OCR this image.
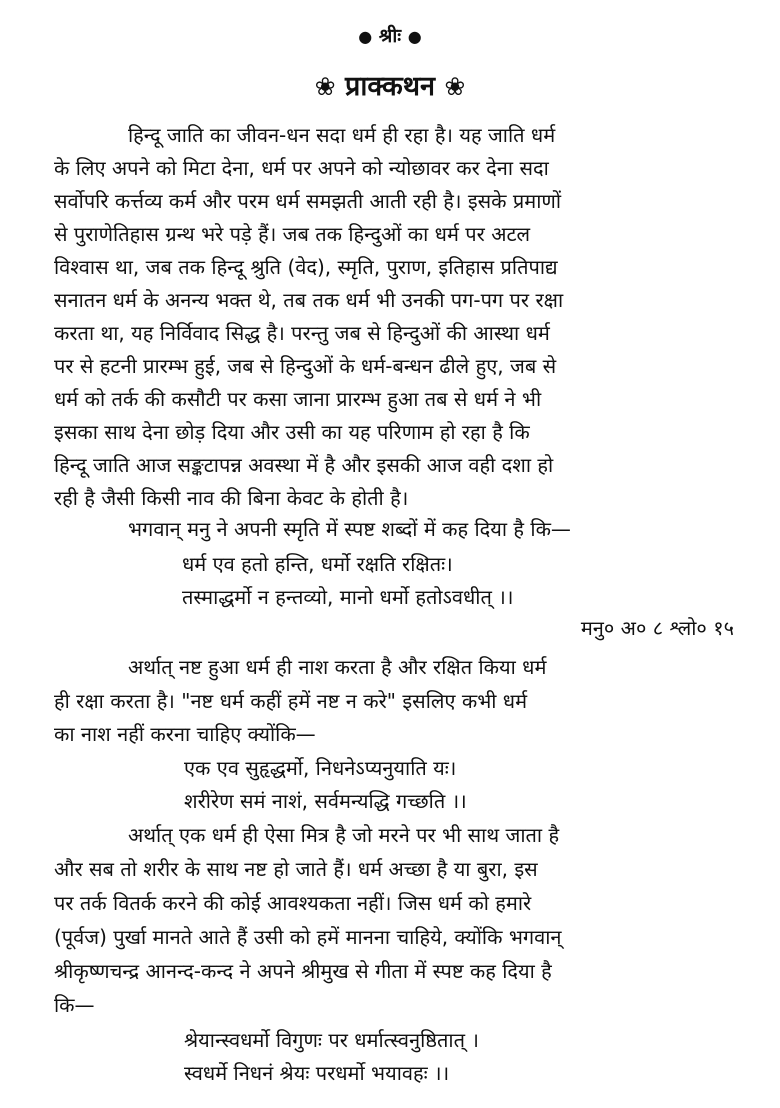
● श्रीः ●
❀ प्राक्कथन ❀
हिन्दू जाति का जीवन-धन सदा धर्म ही रहा है। यह जाति धर्म
के लिए अपने को मिटा देना, धर्म पर अपने को न्योछावर कर देना सदा
सर्वोपरि कर्त्तव्य कर्म और परम धर्म समझती आती रही है। इसके प्रमाणों
से पुराणेतिहास ग्रन्थ भरे पड़े हैं। जब तक हिन्दुओं का धर्म पर अटल
विश्वास था, जब तक हिन्दू श्रुति (वेद), स्मृति, पुराण, इतिहास प्रतिपाद्य
सनातन धर्म के अनन्य भक्त थे, तब तक धर्म भी उनकी पग-पग पर रक्षा
करता था, यह निर्विवाद सिद्ध है। परन्तु जब से हिन्दुओं की आस्था धर्म
पर से हटनी प्रारम्भ हुई, जब से हिन्दुओं के धर्म-बन्धन ढीले हुए, जब से
धर्म को तर्क की कसौटी पर कसा जाना प्रारम्भ हुआ तब से धर्म ने भी
इसका साथ देना छोड़ दिया और उसी का यह परिणाम हो रहा है कि
हिन्दू जाति आज सङ्कटापन्न अवस्था में है और इसकी आज वही दशा हो
रही है जैसी किसी नाव की बिना केवट के होती है।
भगवान् मनु ने अपनी स्मृति में स्पष्ट शब्दों में कह दिया है कि—
धर्म एव हतो हन्ति, धर्मो रक्षति रक्षितः।
तस्माद्धर्मो न हन्तव्यो, मानो धर्मो हतोऽवधीत् ।।
मनु० अ० ८ श्लो० १५
अर्थात् नष्ट हुआ धर्म ही नाश करता है और रक्षित किया धर्म
ही रक्षा करता है। "नष्ट धर्म कहीं हमें नष्ट न करे" इसलिए कभी धर्म
का नाश नहीं करना चाहिए क्योंकि—
एक एव सुहृद्धर्मो, निधनेऽप्यनुयाति यः।
शरीरेण समं नाशं, सर्वमन्यद्धि गच्छति ।।
अर्थात् एक धर्म ही ऐसा मित्र है जो मरने पर भी साथ जाता है
और सब तो शरीर के साथ नष्ट हो जाते हैं। धर्म अच्छा है या बुरा, इस
पर तर्क वितर्क करने की कोई आवश्यकता नहीं। जिस धर्म को हमारे
(पूर्वज) पुर्खा मानते आते हैं उसी को हमें मानना चाहिये, क्योंकि भगवान्
श्रीकृष्णचन्द्र आनन्द-कन्द ने अपने श्रीमुख से गीता में स्पष्ट कह दिया है
कि—
श्रेयान्स्वधर्मो विगुणः पर धर्मात्स्वनुष्ठितात् ।
स्वधर्मे निधनं श्रेयः परधर्मो भयावहः ।।
